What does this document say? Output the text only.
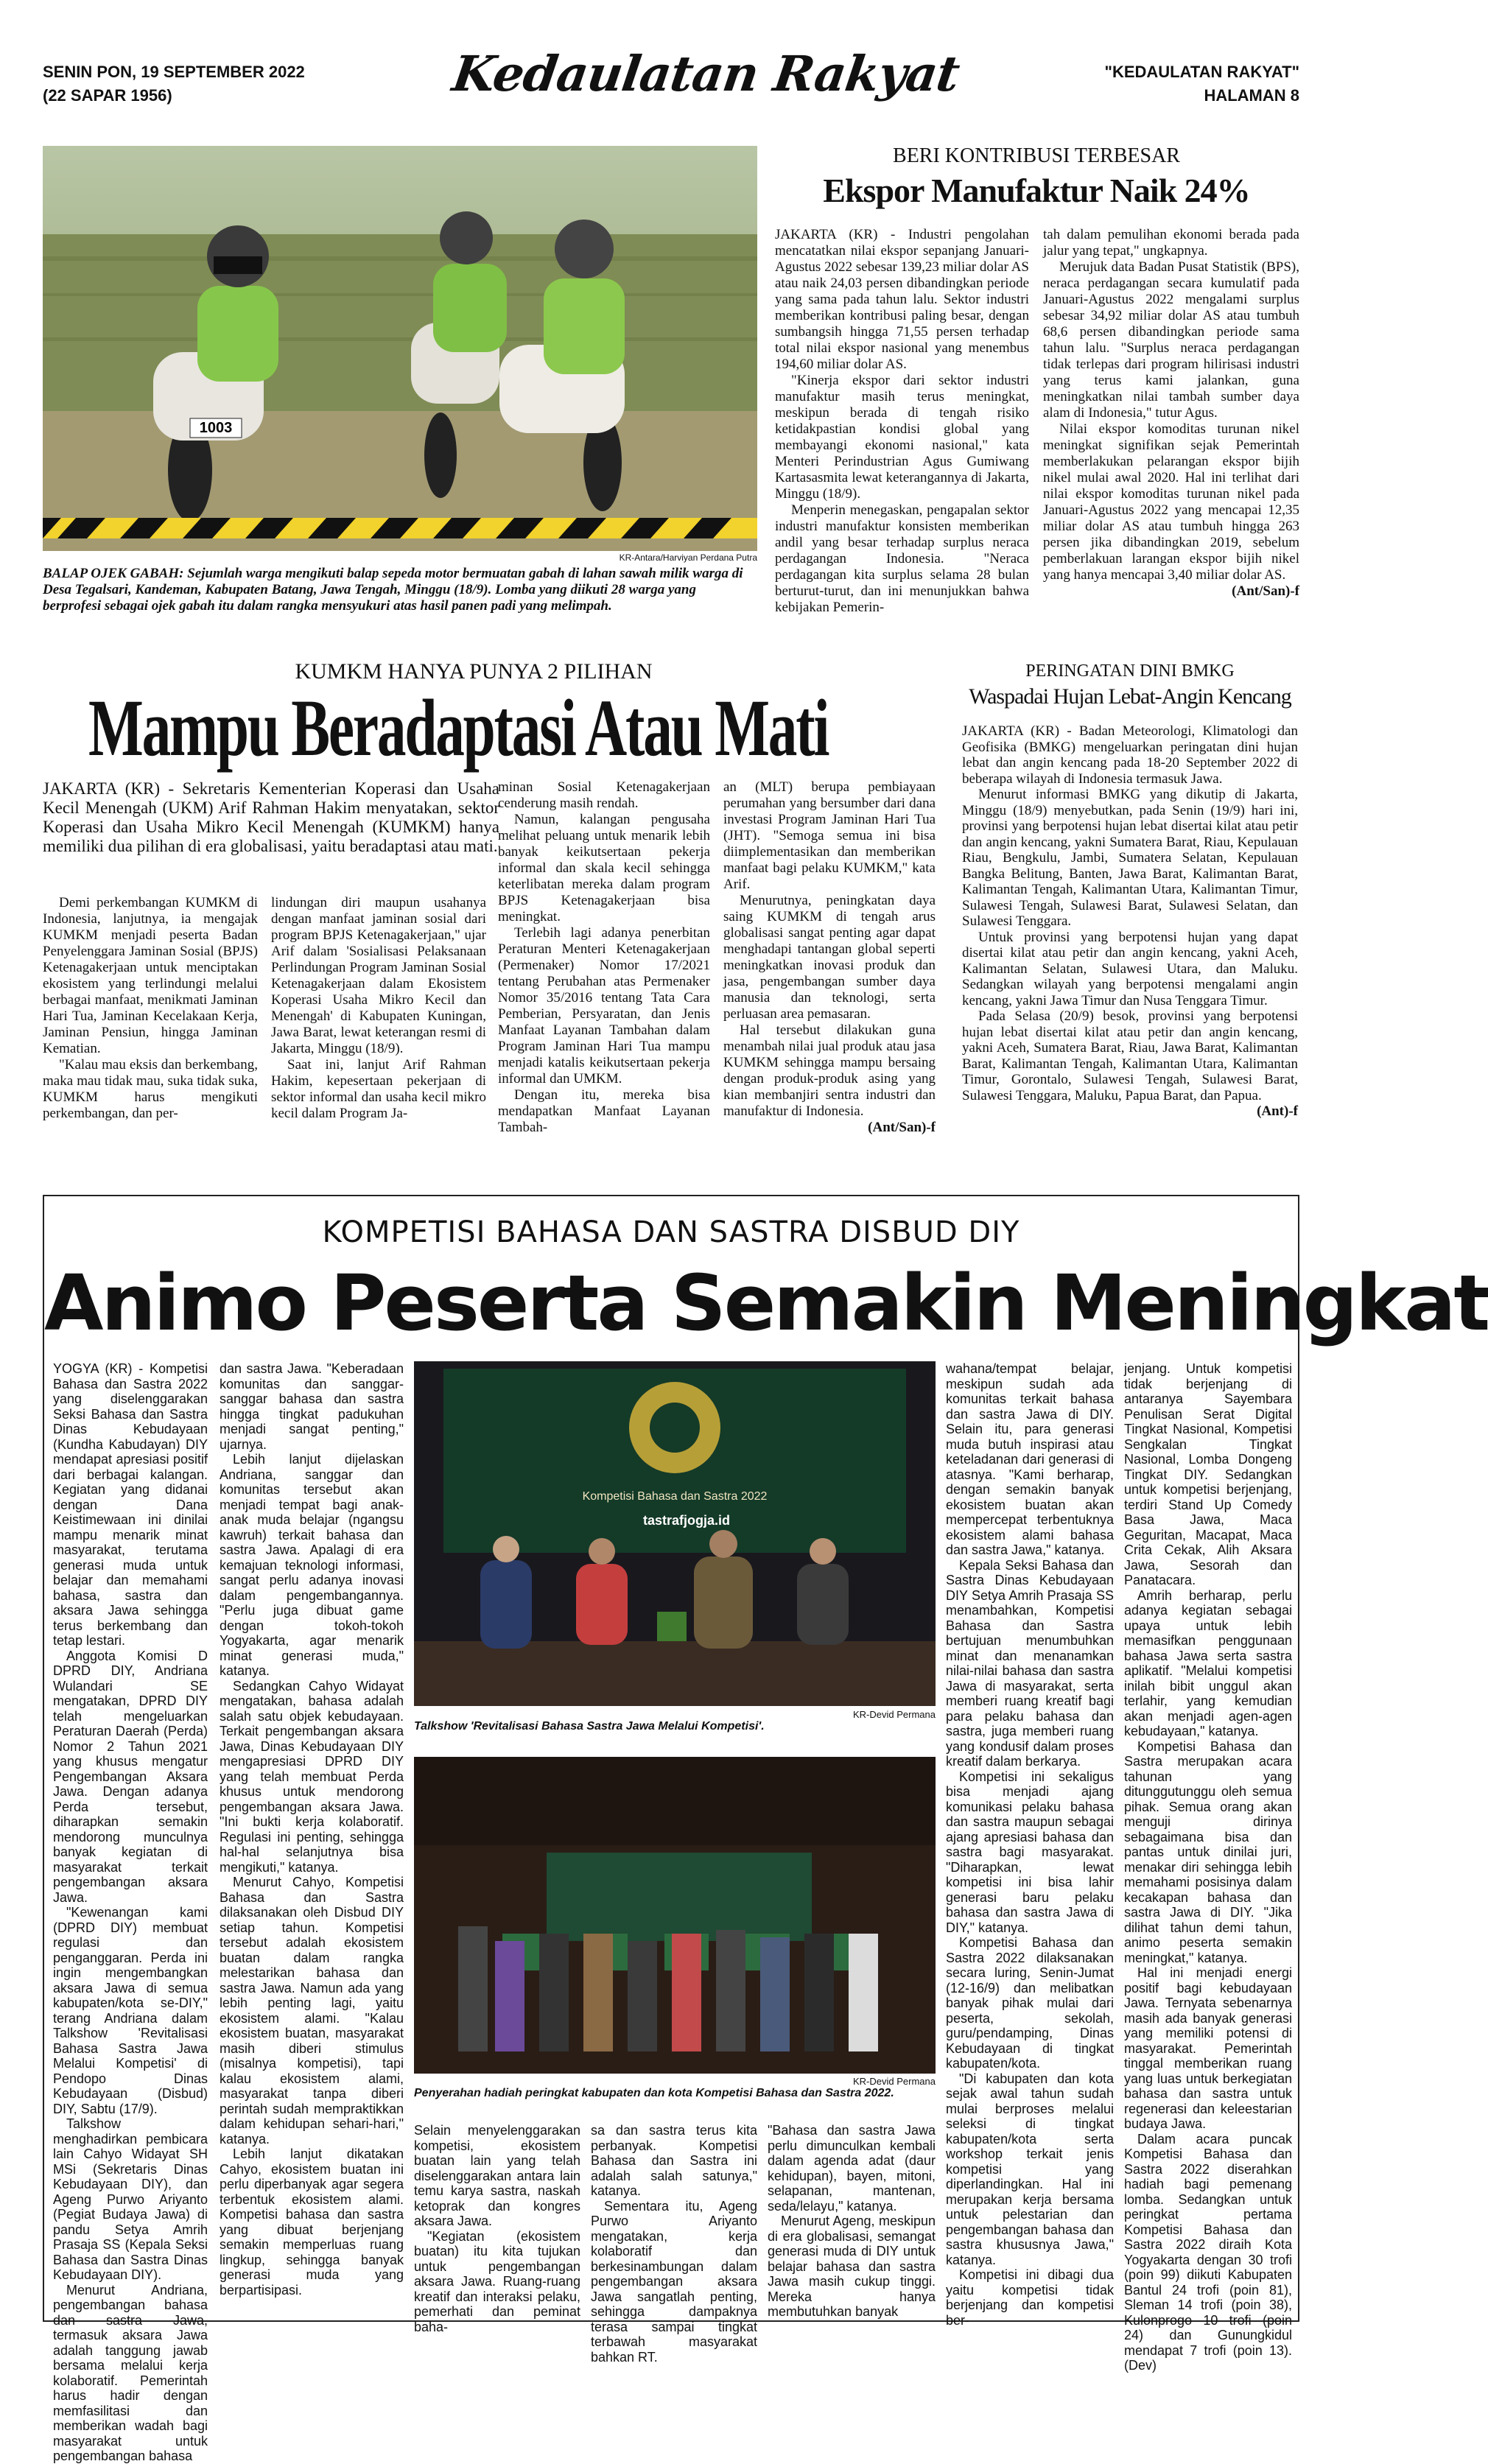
SENIN PON, 19 SEPTEMBER 2022
(22 SAPAR 1956)	Kedaulatan Rakyat	"KEDAULATAN RAKYAT"
HALAMAN 8
1003
KR-Antara/Harviyan Perdana Putra
BALAP OJEK GABAH: Sejumlah warga mengikuti balap sepeda motor bermuatan gabah di lahan sawah milik warga di Desa Tegalsari, Kandeman, Kabupaten Batang, Jawa Tengah, Minggu (18/9). Lomba yang diikuti 28 warga yang berprofesi sebagai ojek gabah itu dalam rangka mensyukuri atas hasil panen padi yang melimpah.
BERI KONTRIBUSI TERBESAR
Ekspor Manufaktur Naik 24%

JAKARTA (KR) - Industri pengolahan mencatatkan nilai ekspor sepanjang Januari-Agustus 2022 sebesar 139,23 miliar dolar AS atau naik 24,03 persen dibandingkan periode yang sama pada tahun lalu. Sektor industri memberikan kontribusi paling besar, dengan sumbangsih hingga 71,55 persen terhadap total nilai ekspor nasional yang menembus 194,60 miliar dolar AS.

"Kinerja ekspor dari sektor industri manufaktur masih terus meningkat, meskipun berada di tengah risiko ketidakpastian kondisi global yang membayangi ekonomi nasional," kata Menteri Perindustrian Agus Gumiwang Kartasasmita lewat keterangannya di Jakarta, Minggu (18/9).

Menperin menegaskan, pengapalan sektor industri manufaktur konsisten memberikan andil yang besar terhadap surplus neraca perdagangan Indonesia. "Neraca perdagangan kita surplus selama 28 bulan berturut-turut, dan ini menunjukkan bahwa kebijakan Pemerin-

tah dalam pemulihan ekonomi berada pada jalur yang tepat," ungkapnya.

Merujuk data Badan Pusat Statistik (BPS), neraca perdagangan secara kumulatif pada Januari-Agustus 2022 mengalami surplus sebesar 34,92 miliar dolar AS atau tumbuh 68,6 persen dibandingkan periode sama tahun lalu. "Surplus neraca perdagangan tidak terlepas dari program hilirisasi industri yang terus kami jalankan, guna meningkatkan nilai tambah sumber daya alam di Indonesia," tutur Agus.

Nilai ekspor komoditas turunan nikel meningkat signifikan sejak Pemerintah memberlakukan pelarangan ekspor bijih nikel mulai awal 2020. Hal ini terlihat dari nilai ekspor komoditas turunan nikel pada Januari-Agustus 2022 yang mencapai 12,35 miliar dolar AS atau tumbuh hingga 263 persen jika dibandingkan 2019, sebelum pemberlakuan larangan ekspor bijih nikel yang hanya mencapai 3,40 miliar dolar AS.

(Ant/San)-f
KUMKM HANYA PUNYA 2 PILIHAN
Mampu Beradaptasi Atau Mati
JAKARTA (KR) - Sekretaris Kementerian Koperasi dan Usaha Kecil Menengah (UKM) Arif Rahman Hakim menyatakan, sektor Koperasi dan Usaha Mikro Kecil Menengah (KUMKM) hanya memiliki dua pilihan di era globalisasi, yaitu beradaptasi atau mati.

Demi perkembangan KUMKM di Indonesia, lanjutnya, ia mengajak KUMKM menjadi peserta Badan Penyelenggara Jaminan Sosial (BPJS) Ketenagakerjaan untuk menciptakan ekosistem yang terlindungi melalui berbagai manfaat, menikmati Jaminan Hari Tua, Jaminan Kecelakaan Kerja, Jaminan Pensiun, hingga Jaminan Kematian.

"Kalau mau eksis dan berkembang, maka mau tidak mau, suka tidak suka, KUMKM harus mengikuti perkembangan, dan per-

lindungan diri maupun usahanya dengan manfaat jaminan sosial dari program BPJS Ketenagakerjaan," ujar Arif dalam 'Sosialisasi Pelaksanaan Perlindungan Program Jaminan Sosial Ketenagakerjaan dalam Ekosistem Koperasi Usaha Mikro Kecil dan Menengah' di Kabupaten Kuningan, Jawa Barat, lewat keterangan resmi di Jakarta, Minggu (18/9).

Saat ini, lanjut Arif Rahman Hakim, kepesertaan pekerjaan di sektor informal dan usaha kecil mikro kecil dalam Program Ja-

minan Sosial Ketenagakerjaan cenderung masih rendah.

Namun, kalangan pengusaha melihat peluang untuk menarik lebih banyak keikutsertaan pekerja informal dan skala kecil sehingga keterlibatan mereka dalam program BPJS Ketenagakerjaan bisa meningkat.

Terlebih lagi adanya penerbitan Peraturan Menteri Ketenagakerjaan (Permenaker) Nomor 17/2021 tentang Perubahan atas Permenaker Nomor 35/2016 tentang Tata Cara Pemberian, Persyaratan, dan Jenis Manfaat Layanan Tambahan dalam Program Jaminan Hari Tua mampu menjadi katalis keikutsertaan pekerja informal dan UMKM.

Dengan itu, mereka bisa mendapatkan Manfaat Layanan Tambah-

an (MLT) berupa pembiayaan perumahan yang bersumber dari dana investasi Program Jaminan Hari Tua (JHT). "Semoga semua ini bisa diimplementasikan dan memberikan manfaat bagi pelaku KUMKM," kata Arif.

Menurutnya, peningkatan daya saing KUMKM di tengah arus globalisasi sangat penting agar dapat menghadapi tantangan global seperti meningkatkan inovasi produk dan jasa, pengembangan sumber daya manusia dan teknologi, serta perluasan area pemasaran.

Hal tersebut dilakukan guna menambah nilai jual produk atau jasa KUMKM sehingga mampu bersaing dengan produk-produk asing yang kian membanjiri sentra industri dan manufaktur di Indonesia.

(Ant/San)-f
PERINGATAN DINI BMKG
Waspadai Hujan Lebat-Angin Kencang

JAKARTA (KR) - Badan Meteorologi, Klimatologi dan Geofisika (BMKG) mengeluarkan peringatan dini hujan lebat dan angin kencang pada 18-20 September 2022 di beberapa wilayah di Indonesia termasuk Jawa.

Menurut informasi BMKG yang dikutip di Jakarta, Minggu (18/9) menyebutkan, pada Senin (19/9) hari ini, provinsi yang berpotensi hujan lebat disertai kilat atau petir dan angin kencang, yakni Sumatera Barat, Riau, Kepulauan Riau, Bengkulu, Jambi, Sumatera Selatan, Kepulauan Bangka Belitung, Banten, Jawa Barat, Kalimantan Barat, Kalimantan Tengah, Kalimantan Utara, Kalimantan Timur, Sulawesi Tengah, Sulawesi Barat, Sulawesi Selatan, dan Sulawesi Tenggara.

Untuk provinsi yang berpotensi hujan yang dapat disertai kilat atau petir dan angin kencang, yakni Aceh, Kalimantan Selatan, Sulawesi Utara, dan Maluku. Sedangkan wilayah yang berpotensi mengalami angin kencang, yakni Jawa Timur dan Nusa Tenggara Timur.

Pada Selasa (20/9) besok, provinsi yang berpotensi hujan lebat disertai kilat atau petir dan angin kencang, yakni Aceh, Sumatera Barat, Riau, Jawa Barat, Kalimantan Barat, Kalimantan Tengah, Kalimantan Utara, Kalimantan Timur, Gorontalo, Sulawesi Tengah, Sulawesi Barat, Sulawesi Tenggara, Maluku, Papua Barat, dan Papua.

(Ant)-f
KOMPETISI BAHASA DAN SASTRA DISBUD DIY
Animo Peserta Semakin Meningkat

YOGYA (KR) - Kompetisi Bahasa dan Sastra 2022 yang diselenggarakan Seksi Bahasa dan Sastra Dinas Kebudayaan (Kundha Kabudayan) DIY mendapat apresiasi positif dari berbagai kalangan. Kegiatan yang didanai dengan Dana Keistimewaan ini dinilai mampu menarik minat masyarakat, terutama generasi muda untuk belajar dan memahami bahasa, sastra dan aksara Jawa sehingga terus berkembang dan tetap lestari.

Anggota Komisi D DPRD DIY, Andriana Wulandari SE mengatakan, DPRD DIY telah mengeluarkan Peraturan Daerah (Perda) Nomor 2 Tahun 2021 yang khusus mengatur Pengembangan Aksara Jawa. Dengan adanya Perda tersebut, diharapkan semakin mendorong munculnya banyak kegiatan di masyarakat terkait pengembangan aksara Jawa.

"Kewenangan kami (DPRD DIY) membuat regulasi dan penganggaran. Perda ini ingin mengembangkan aksara Jawa di semua kabupaten/kota se-DIY," terang Andriana dalam Talkshow 'Revitalisasi Bahasa Sastra Jawa Melalui Kompetisi' di Pendopo Dinas Kebudayaan (Disbud) DIY, Sabtu (17/9).

Talkshow menghadirkan pembicara lain Cahyo Widayat SH MSi (Sekretaris Dinas Kebudayaan DIY), dan Ageng Purwo Ariyanto (Pegiat Budaya Jawa) di pandu Setya Amrih Prasaja SS (Kepala Seksi Bahasa dan Sastra Dinas Kebudayaan DIY).

Menurut Andriana, pengembangan bahasa dan sastra Jawa, termasuk aksara Jawa adalah tanggung jawab bersama melalui kerja kolaboratif. Pemerintah harus hadir dengan memfasilitasi dan memberikan wadah bagi masyarakat untuk pengembangan bahasa

dan sastra Jawa. "Keberadaan komunitas dan sanggar-sanggar bahasa dan sastra hingga tingkat padukuhan menjadi sangat penting," ujarnya.

Lebih lanjut dijelaskan Andriana, sanggar dan komunitas tersebut akan menjadi tempat bagi anak-anak muda belajar (ngangsu kawruh) terkait bahasa dan sastra Jawa. Apalagi di era kemajuan teknologi informasi, sangat perlu adanya inovasi dalam pengembangannya. "Perlu juga dibuat game dengan tokoh-tokoh Yogyakarta, agar menarik minat generasi muda," katanya.

Sedangkan Cahyo Widayat mengatakan, bahasa adalah salah satu objek kebudayaan. Terkait pengembangan aksara Jawa, Dinas Kebudayaan DIY mengapresiasi DPRD DIY yang telah membuat Perda khusus untuk mendorong pengembangan aksara Jawa. "Ini bukti kerja kolaboratif. Regulasi ini penting, sehingga hal-hal selanjutnya bisa mengikuti," katanya.

Menurut Cahyo, Kompetisi Bahasa dan Sastra dilaksanakan oleh Disbud DIY setiap tahun. Kompetisi tersebut adalah ekosistem buatan dalam rangka melestarikan bahasa dan sastra Jawa. Namun ada yang lebih penting lagi, yaitu ekosistem alami. "Kalau ekosistem buatan, masyarakat masih diberi stimulus (misalnya kompetisi), tapi kalau ekosistem alami, masyarakat tanpa diberi perintah sudah mempraktikkan dalam kehidupan sehari-hari," katanya.

Lebih lanjut dikatakan Cahyo, ekosistem buatan ini perlu diperbanyak agar segera terbentuk ekosistem alami. Kompetisi bahasa dan sastra yang dibuat berjenjang semakin memperluas ruang lingkup, sehingga banyak generasi muda yang berpartisipasi.

Kompetisi Bahasa dan Sastra 2022
tastrafjogja.id
KR-Devid Permana
Talkshow 'Revitalisasi Bahasa Sastra Jawa Melalui Kompetisi'.
KR-Devid Permana
Penyerahan hadiah peringkat kabupaten dan kota Kompetisi Bahasa dan Sastra 2022.

Selain menyelenggarakan kompetisi, ekosistem buatan lain yang telah diselenggarakan antara lain temu karya sastra, naskah ketoprak dan kongres aksara Jawa.

"Kegiatan (ekosistem buatan) itu kita tujukan untuk pengembangan aksara Jawa. Ruang-ruang kreatif dan interaksi pelaku, pemerhati dan peminat baha-

sa dan sastra terus kita perbanyak. Kompetisi Bahasa dan Sastra ini adalah salah satunya," katanya.

Sementara itu, Ageng Purwo Ariyanto mengatakan, kerja kolaboratif dan berkesinambungan dalam pengembangan aksara Jawa sangatlah penting, sehingga dampaknya terasa sampai tingkat terbawah masyarakat bahkan RT.

"Bahasa dan sastra Jawa perlu dimunculkan kembali dalam agenda adat (daur kehidupan), bayen, mitoni, selapanan, mantenan, seda/lelayu," katanya.

Menurut Ageng, meskipun di era globalisasi, semangat generasi muda di DIY untuk belajar bahasa dan sastra Jawa masih cukup tinggi. Mereka hanya membutuhkan banyak

wahana/tempat belajar, meskipun sudah ada komunitas terkait bahasa dan sastra Jawa di DIY. Selain itu, para generasi muda butuh inspirasi atau keteladanan dari generasi di atasnya. "Kami berharap, dengan semakin banyak ekosistem buatan akan mempercepat terbentuknya ekosistem alami bahasa dan sastra Jawa," katanya.

Kepala Seksi Bahasa dan Sastra Dinas Kebudayaan DIY Setya Amrih Prasaja SS menambahkan, Kompetisi Bahasa dan Sastra bertujuan menumbuhkan minat dan menanamkan nilai-nilai bahasa dan sastra Jawa di masyarakat, serta memberi ruang kreatif bagi para pelaku bahasa dan sastra, juga memberi ruang yang kondusif dalam proses kreatif dalam berkarya.

Kompetisi ini sekaligus bisa menjadi ajang komunikasi pelaku bahasa dan sastra maupun sebagai ajang apresiasi bahasa dan sastra bagi masyarakat. "Diharapkan, lewat kompetisi ini bisa lahir generasi baru pelaku bahasa dan sastra Jawa di DIY," katanya.

Kompetisi Bahasa dan Sastra 2022 dilaksanakan secara luring, Senin-Jumat (12-16/9) dan melibatkan banyak pihak mulai dari peserta, sekolah, guru/pendamping, Dinas Kebudayaan di tingkat kabupaten/kota.

"Di kabupaten dan kota sejak awal tahun sudah mulai berproses melalui seleksi di tingkat kabupaten/kota serta workshop terkait jenis kompetisi yang diperlandingkan. Hal ini merupakan kerja bersama untuk pelestarian dan pengembangan bahasa dan sastra khususnya Jawa," katanya.

Kompetisi ini dibagi dua yaitu kompetisi tidak berjenjang dan kompetisi ber-

jenjang. Untuk kompetisi tidak berjenjang di antaranya Sayembara Penulisan Serat Digital Tingkat Nasional, Kompetisi Sengkalan Tingkat Nasional, Lomba Dongeng Tingkat DIY. Sedangkan untuk kompetisi berjenjang, terdiri Stand Up Comedy Basa Jawa, Maca Geguritan, Macapat, Maca Crita Cekak, Alih Aksara Jawa, Sesorah dan Panatacara.

Amrih berharap, perlu adanya kegiatan sebagai upaya untuk lebih memasifkan penggunaan bahasa Jawa serta sastra aplikatif. "Melalui kompetisi inilah bibit unggul akan terlahir, yang kemudian akan menjadi agen-agen kebudayaan," katanya.

Kompetisi Bahasa dan Sastra merupakan acara tahunan yang ditunggutunggu oleh semua pihak. Semua orang akan menguji dirinya sebagaimana bisa dan pantas untuk dinilai juri, menakar diri sehingga lebih memahami posisinya dalam kecakapan bahasa dan sastra Jawa di DIY. "Jika dilihat tahun demi tahun, animo peserta semakin meningkat," katanya.

Hal ini menjadi energi positif bagi kebudayaan Jawa. Ternyata sebenarnya masih ada banyak generasi yang memiliki potensi di masyarakat. Pemerintah tinggal memberikan ruang yang luas untuk berkegiatan bahasa dan sastra untuk regenerasi dan keleestarian budaya Jawa.

Dalam acara puncak Kompetisi Bahasa dan Sastra 2022 diserahkan hadiah bagi pemenang lomba. Sedangkan untuk peringkat pertama Kompetisi Bahasa dan Sastra 2022 diraih Kota Yogyakarta dengan 30 trofi (poin 99) diikuti Kabupaten Bantul 24 trofi (poin 81), Sleman 14 trofi (poin 38), Kulonprogo 10 trofi (poin 24) dan Gunungkidul mendapat 7 trofi (poin 13). (Dev)
